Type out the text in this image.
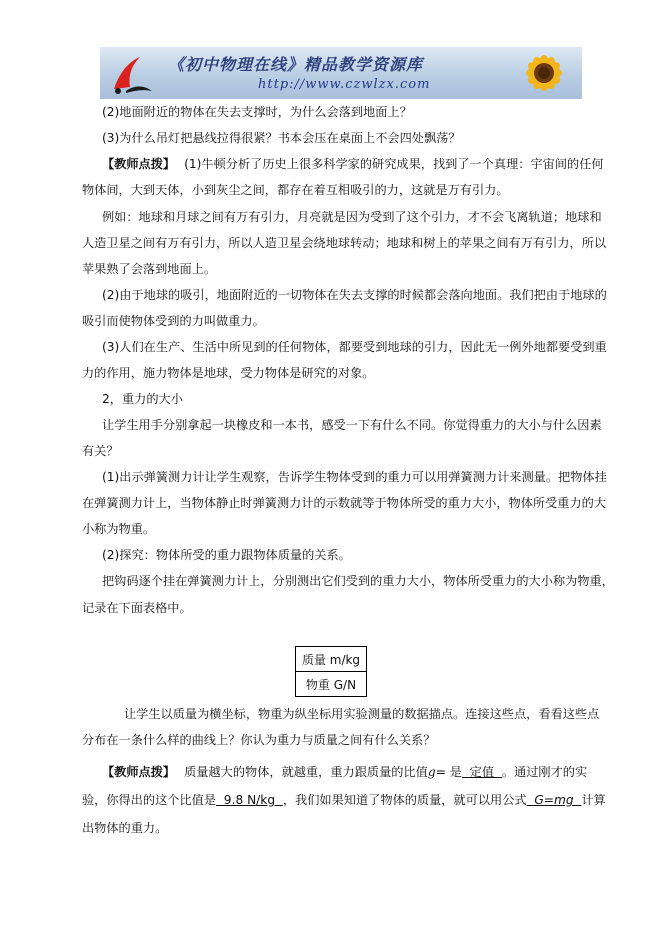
《初中物理在线》精品教学资源库
http://www.czwlzx.com
(2)地面附近的物体在失去支撑时，为什么会落到地面上？
(3)为什么吊灯把悬线拉得很紧？书本会压在桌面上不会四处飘荡？
【教师点拨】 (1)牛顿分析了历史上很多科学家的研究成果，找到了一个真理：宇宙间的任何
物体间，大到天体，小到灰尘之间，都存在着互相吸引的力，这就是万有引力。
例如：地球和月球之间有万有引力，月亮就是因为受到了这个引力，才不会飞离轨道；地球和
人造卫星之间有万有引力，所以人造卫星会绕地球转动；地球和树上的苹果之间有万有引力，所以
苹果熟了会落到地面上。
(2)由于地球的吸引，地面附近的一切物体在失去支撑的时候都会落向地面。我们把由于地球的
吸引而使物体受到的力叫做重力。
(3)人们在生产、生活中所见到的任何物体，都要受到地球的引力，因此无一例外地都要受到重
力的作用，施力物体是地球，受力物体是研究的对象。
2，重力的大小
让学生用手分别拿起一块橡皮和一本书，感受一下有什么不同。你觉得重力的大小与什么因素
有关？
(1)出示弹簧测力计让学生观察，告诉学生物体受到的重力可以用弹簧测力计来测量。把物体挂
在弹簧测力计上，当物体静止时弹簧测力计的示数就等于物体所受的重力大小，物体所受重力的大
小称为物重。
(2)探究：物体所受的重力跟物体质量的关系。
把钩码逐个挂在弹簧测力计上，分别测出它们受到的重力大小，物体所受重力的大小称为物重，
记录在下面表格中。
质量 m/kg
物重 G/N
让学生以质量为横坐标，物重为纵坐标用实验测量的数据描点。连接这些点，看看这些点
分布在一条什么样的曲线上？你认为重力与质量之间有什么关系？
【教师点拨】 质量越大的物体，就越重，重力跟质量的比值g= 是  定值  。通过刚才的实
验，你得出的这个比值是  9.8 N/kg  ，我们如果知道了物体的质量，就可以用公式  G=mg  计算
出物体的重力。
